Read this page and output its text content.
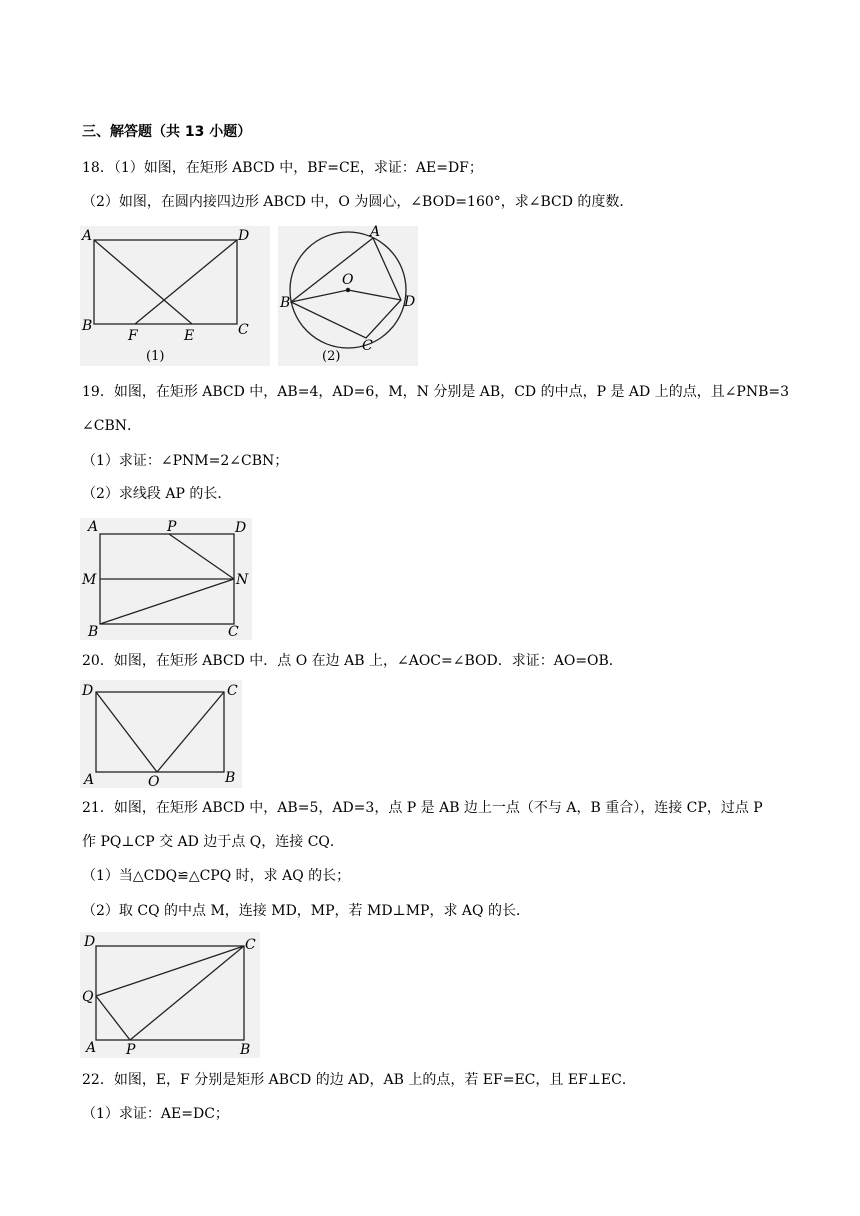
三、解答题（共 13 小题）
18．（1）如图，在矩形 ABCD 中，BF=CE，求证：AE=DF；
（2）如图，在圆内接四边形 ABCD 中，O 为圆心，∠BOD=160°，求∠BCD 的度数．
A	D
B	C
F	E
(1)
A
O
B	D
C
(2)
19．如图，在矩形 ABCD 中，AB=4，AD=6，M，N 分别是 AB，CD 的中点，P 是 AD 上的点，且∠PNB=3
∠CBN．
（1）求证：∠PNM=2∠CBN；
（2）求线段 AP 的长．
A	P	D
M	N
B	C
20．如图，在矩形 ABCD 中．点 O 在边 AB 上，∠AOC=∠BOD．求证：AO=OB．
D	C
A	O	B
21．如图，在矩形 ABCD 中，AB=5，AD=3，点 P 是 AB 边上一点（不与 A，B 重合），连接 CP，过点 P
作 PQ⊥CP 交 AD 边于点 Q，连接 CQ．
（1）当△CDQ≌△CPQ 时，求 AQ 的长；
（2）取 CQ 的中点 M，连接 MD，MP，若 MD⊥MP，求 AQ 的长．
D	C
Q
A P	B
22．如图，E，F 分别是矩形 ABCD 的边 AD，AB 上的点，若 EF=EC，且 EF⊥EC．
（1）求证：AE=DC；
